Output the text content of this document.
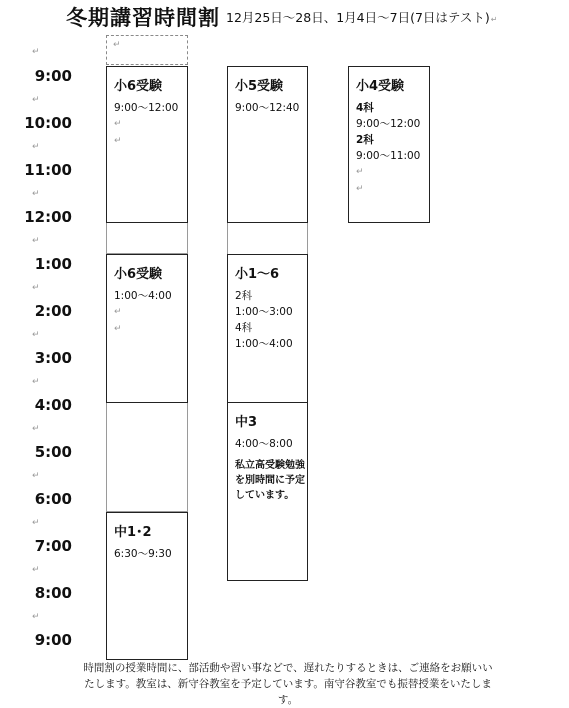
冬期講習時間割 12月25日～28日、1月4日～7日(7日はテスト)↵
↵
↵
↵
↵
↵
↵
↵
↵
↵
↵
↵
↵
↵
9:00
10:00
11:00
12:00
1:00
2:00
3:00
4:00
5:00
6:00
7:00
8:00
9:00
↵
小6受験
9:00～12:00
↵
↵
小6受験
1:00～4:00
↵
↵
中1･2
6:30～9:30
小5受験
9:00～12:40
小1～6
2科
1:00～3:00
4科
1:00～4:00
中3
4:00～8:00
私立高受験勉強
を別時間に予定
しています。
小4受験
4科
9:00～12:00
2科
9:00～11:00
↵
↵
時間割の授業時間に、部活動や習い事などで、遅れたりするときは、ご連絡をお願いい
たします。教室は、新守谷教室を予定しています。南守谷教室でも振替授業をいたします。
